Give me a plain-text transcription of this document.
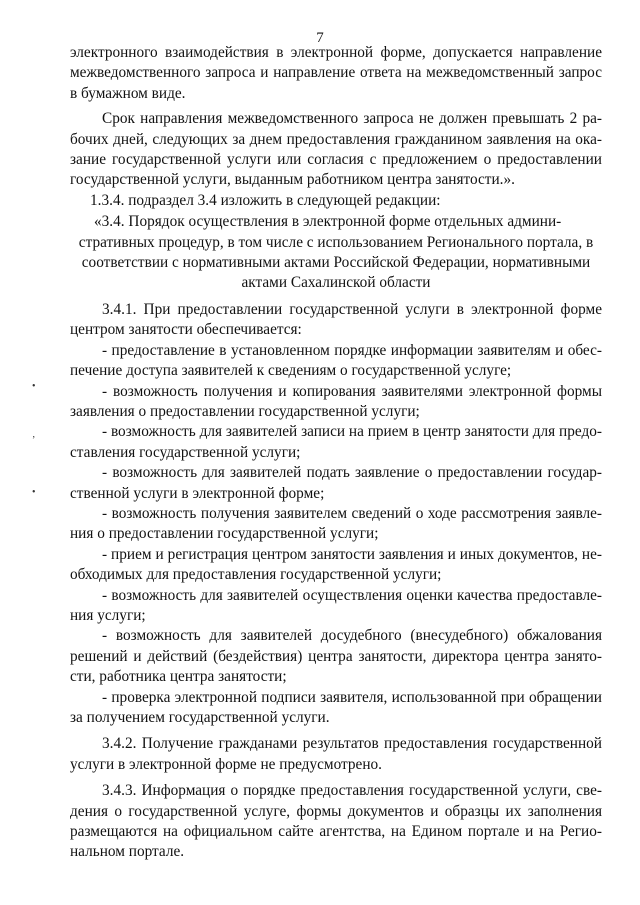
7
•
ʼ
•
электронного взаимодействия в электронной форме, допускается направление
межведомственного запроса и направление ответа на межведомственный запрос
в бумажном виде.
Срок направления межведомственного запроса не должен превышать 2 ра-
бочих дней, следующих за днем предоставления гражданином заявления на ока-
зание государственной услуги или согласия с предложением о предоставлении
государственной услуги, выданным работником центра занятости.».
1.3.4. подраздел 3.4 изложить в следующей редакции:
«3.4. Порядок осуществления в электронной форме отдельных админи-
стративных процедур, в том числе с использованием Регионального портала, в
соответствии с нормативными актами Российской Федерации, нормативными
актами Сахалинской области
3.4.1. При предоставлении государственной услуги в электронной форме
центром занятости обеспечивается:
- предоставление в установленном порядке информации заявителям и обес-
печение доступа заявителей к сведениям о государственной услуге;
- возможность получения и копирования заявителями электронной формы
заявления о предоставлении государственной услуги;
- возможность для заявителей записи на прием в центр занятости для предо-
ставления государственной услуги;
- возможность для заявителей подать заявление о предоставлении государ-
ственной услуги в электронной форме;
- возможность получения заявителем сведений о ходе рассмотрения заявле-
ния о предоставлении государственной услуги;
- прием и регистрация центром занятости заявления и иных документов, не-
обходимых для предоставления государственной услуги;
- возможность для заявителей осуществления оценки качества предоставле-
ния услуги;
- возможность для заявителей досудебного (внесудебного) обжалования
решений и действий (бездействия) центра занятости, директора центра занято-
сти, работника центра занятости;
- проверка электронной подписи заявителя, использованной при обращении
за получением государственной услуги.
3.4.2. Получение гражданами результатов предоставления государственной
услуги в электронной форме не предусмотрено.
3.4.3. Информация о порядке предоставления государственной услуги, све-
дения о государственной услуге, формы документов и образцы их заполнения
размещаются на официальном сайте агентства, на Едином портале и на Регио-
нальном портале.
